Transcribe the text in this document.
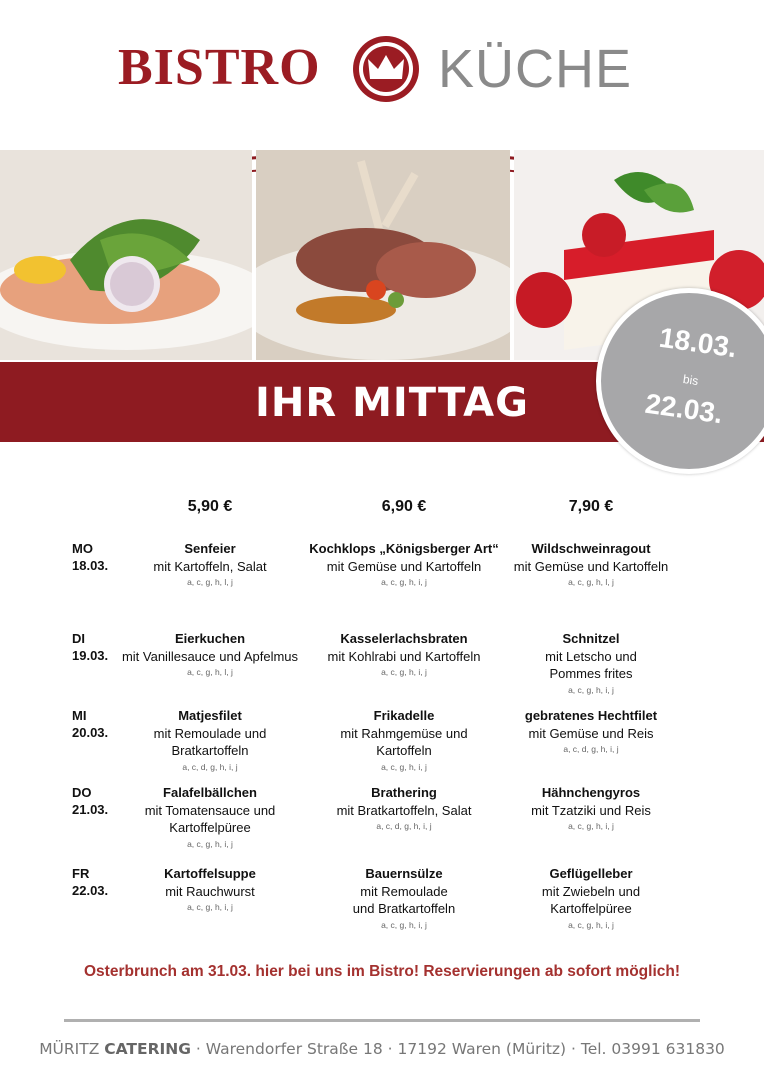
BISTRO KÜCHE
IHR MITTAG
18.03.
bis
22.03.
5,90 €	6,90 €	7,90 €
MO
18.03.
Senfeier
mit Kartoffeln, Salat
a, c, g, h, l, j
Kochklops „Königsberger Art“
mit Gemüse und Kartoffeln
a, c, g, h, i, j
Wildschweinragout
mit Gemüse und Kartoffeln
a, c, g, h, l, j
DI
19.03.
Eierkuchen
mit Vanillesauce und Apfelmus
a, c, g, h, l, j
Kasselerlachsbraten
mit Kohlrabi und Kartoffeln
a, c, g, h, i, j
Schnitzel
mit Letscho und
Pommes frites
a, c, g, h, i, j
MI
20.03.
Matjesfilet
mit Remoulade und
Bratkartoffeln
a, c, d, g, h, i, j
Frikadelle
mit Rahmgemüse und
Kartoffeln
a, c, g, h, i, j
gebratenes Hechtfilet
mit Gemüse und Reis
a, c, d, g, h, i, j
DO
21.03.
Falafelbällchen
mit Tomatensauce und
Kartoffelpüree
a, c, g, h, i, j
Brathering
mit Bratkartoffeln, Salat
a, c, d, g, h, i, j
Hähnchengyros
mit Tzatziki und Reis
a, c, g, h, i, j
FR
22.03.
Kartoffelsuppe
mit Rauchwurst
a, c, g, h, i, j
Bauernsülze
mit Remoulade
und Bratkartoffeln
a, c, g, h, i, j
Geflügelleber
mit Zwiebeln und
Kartoffelpüree
a, c, g, h, i, j
Osterbrunch am 31.03. hier bei uns im Bistro! Reservierungen ab sofort möglich!
MÜRITZ CATERING · Warendorfer Straße 18 · 17192 Waren (Müritz) · Tel. 03991 631830
